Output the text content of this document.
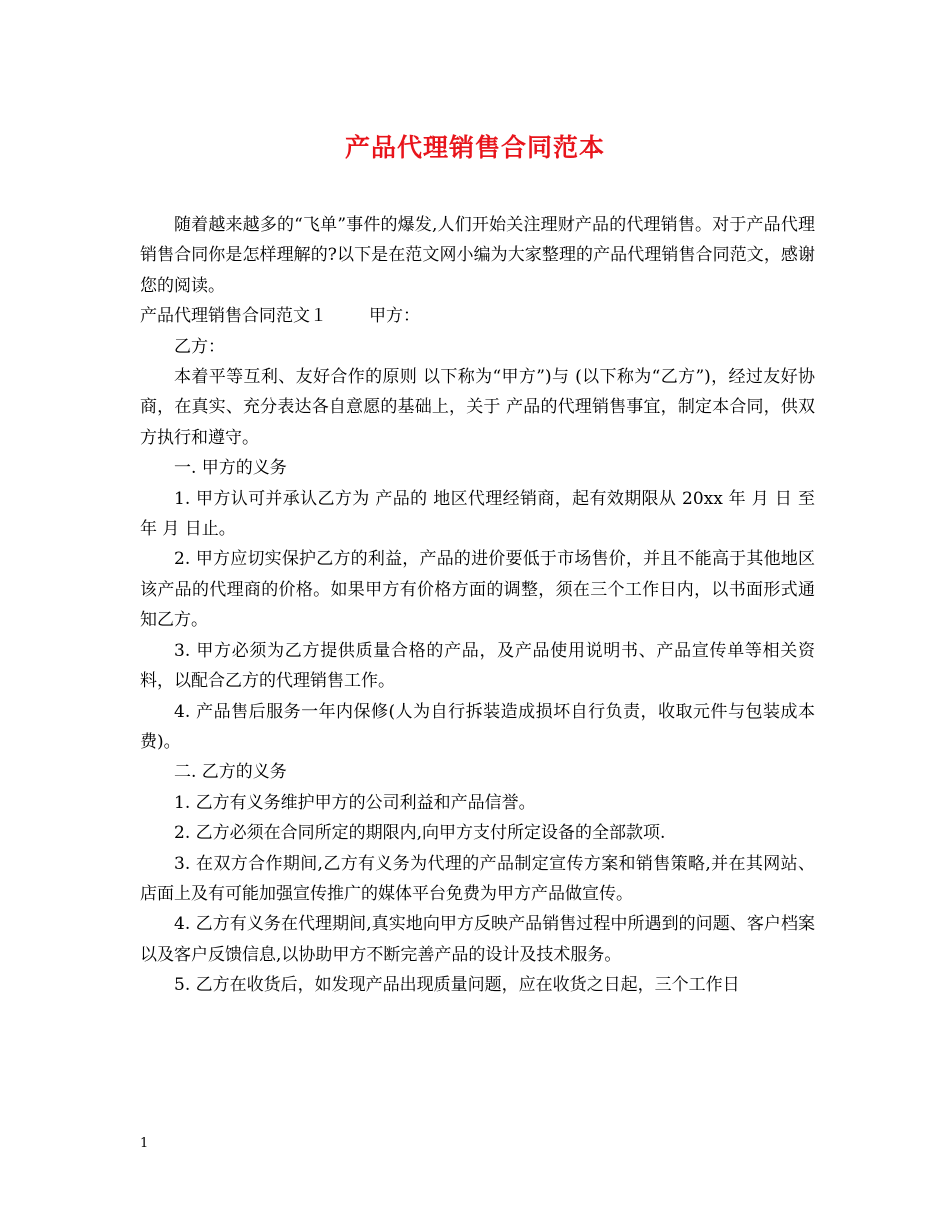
产品代理销售合同范本

随着越来越多的“飞单”事件的爆发,人们开始关注理财产品的代理销售。对于产品代理销售合同你是怎样理解的?以下是在范文网小编为大家整理的产品代理销售合同范文，感谢您的阅读。

产品代理销售合同范文１ 甲方：

乙方：

本着平等互利、友好合作的原则 以下称为“甲方”)与 (以下称为“乙方”)，经过友好协商，在真实、充分表达各自意愿的基础上，关于 产品的代理销售事宜，制定本合同，供双方执行和遵守。

一. 甲方的义务

1. 甲方认可并承认乙方为 产品的 地区代理经销商，起有效期限从 20xx 年 月 日 至 年 月 日止。

2. 甲方应切实保护乙方的利益，产品的进价要低于市场售价，并且不能高于其他地区该产品的代理商的价格。如果甲方有价格方面的调整，须在三个工作日内，以书面形式通知乙方。

3. 甲方必须为乙方提供质量合格的产品，及产品使用说明书、产品宣传单等相关资料，以配合乙方的代理销售工作。

4. 产品售后服务一年内保修(人为自行拆装造成损坏自行负责，收取元件与包装成本费)。

二. 乙方的义务

1. 乙方有义务维护甲方的公司利益和产品信誉。

2. 乙方必须在合同所定的期限内,向甲方支付所定设备的全部款项.

3. 在双方合作期间,乙方有义务为代理的产品制定宣传方案和销售策略,并在其网站、店面上及有可能加强宣传推广的媒体平台免费为甲方产品做宣传。

4. 乙方有义务在代理期间,真实地向甲方反映产品销售过程中所遇到的问题、客户档案以及客户反馈信息,以协助甲方不断完善产品的设计及技术服务。

5. 乙方在收货后，如发现产品出现质量问题，应在收货之日起，三个工作日

1
